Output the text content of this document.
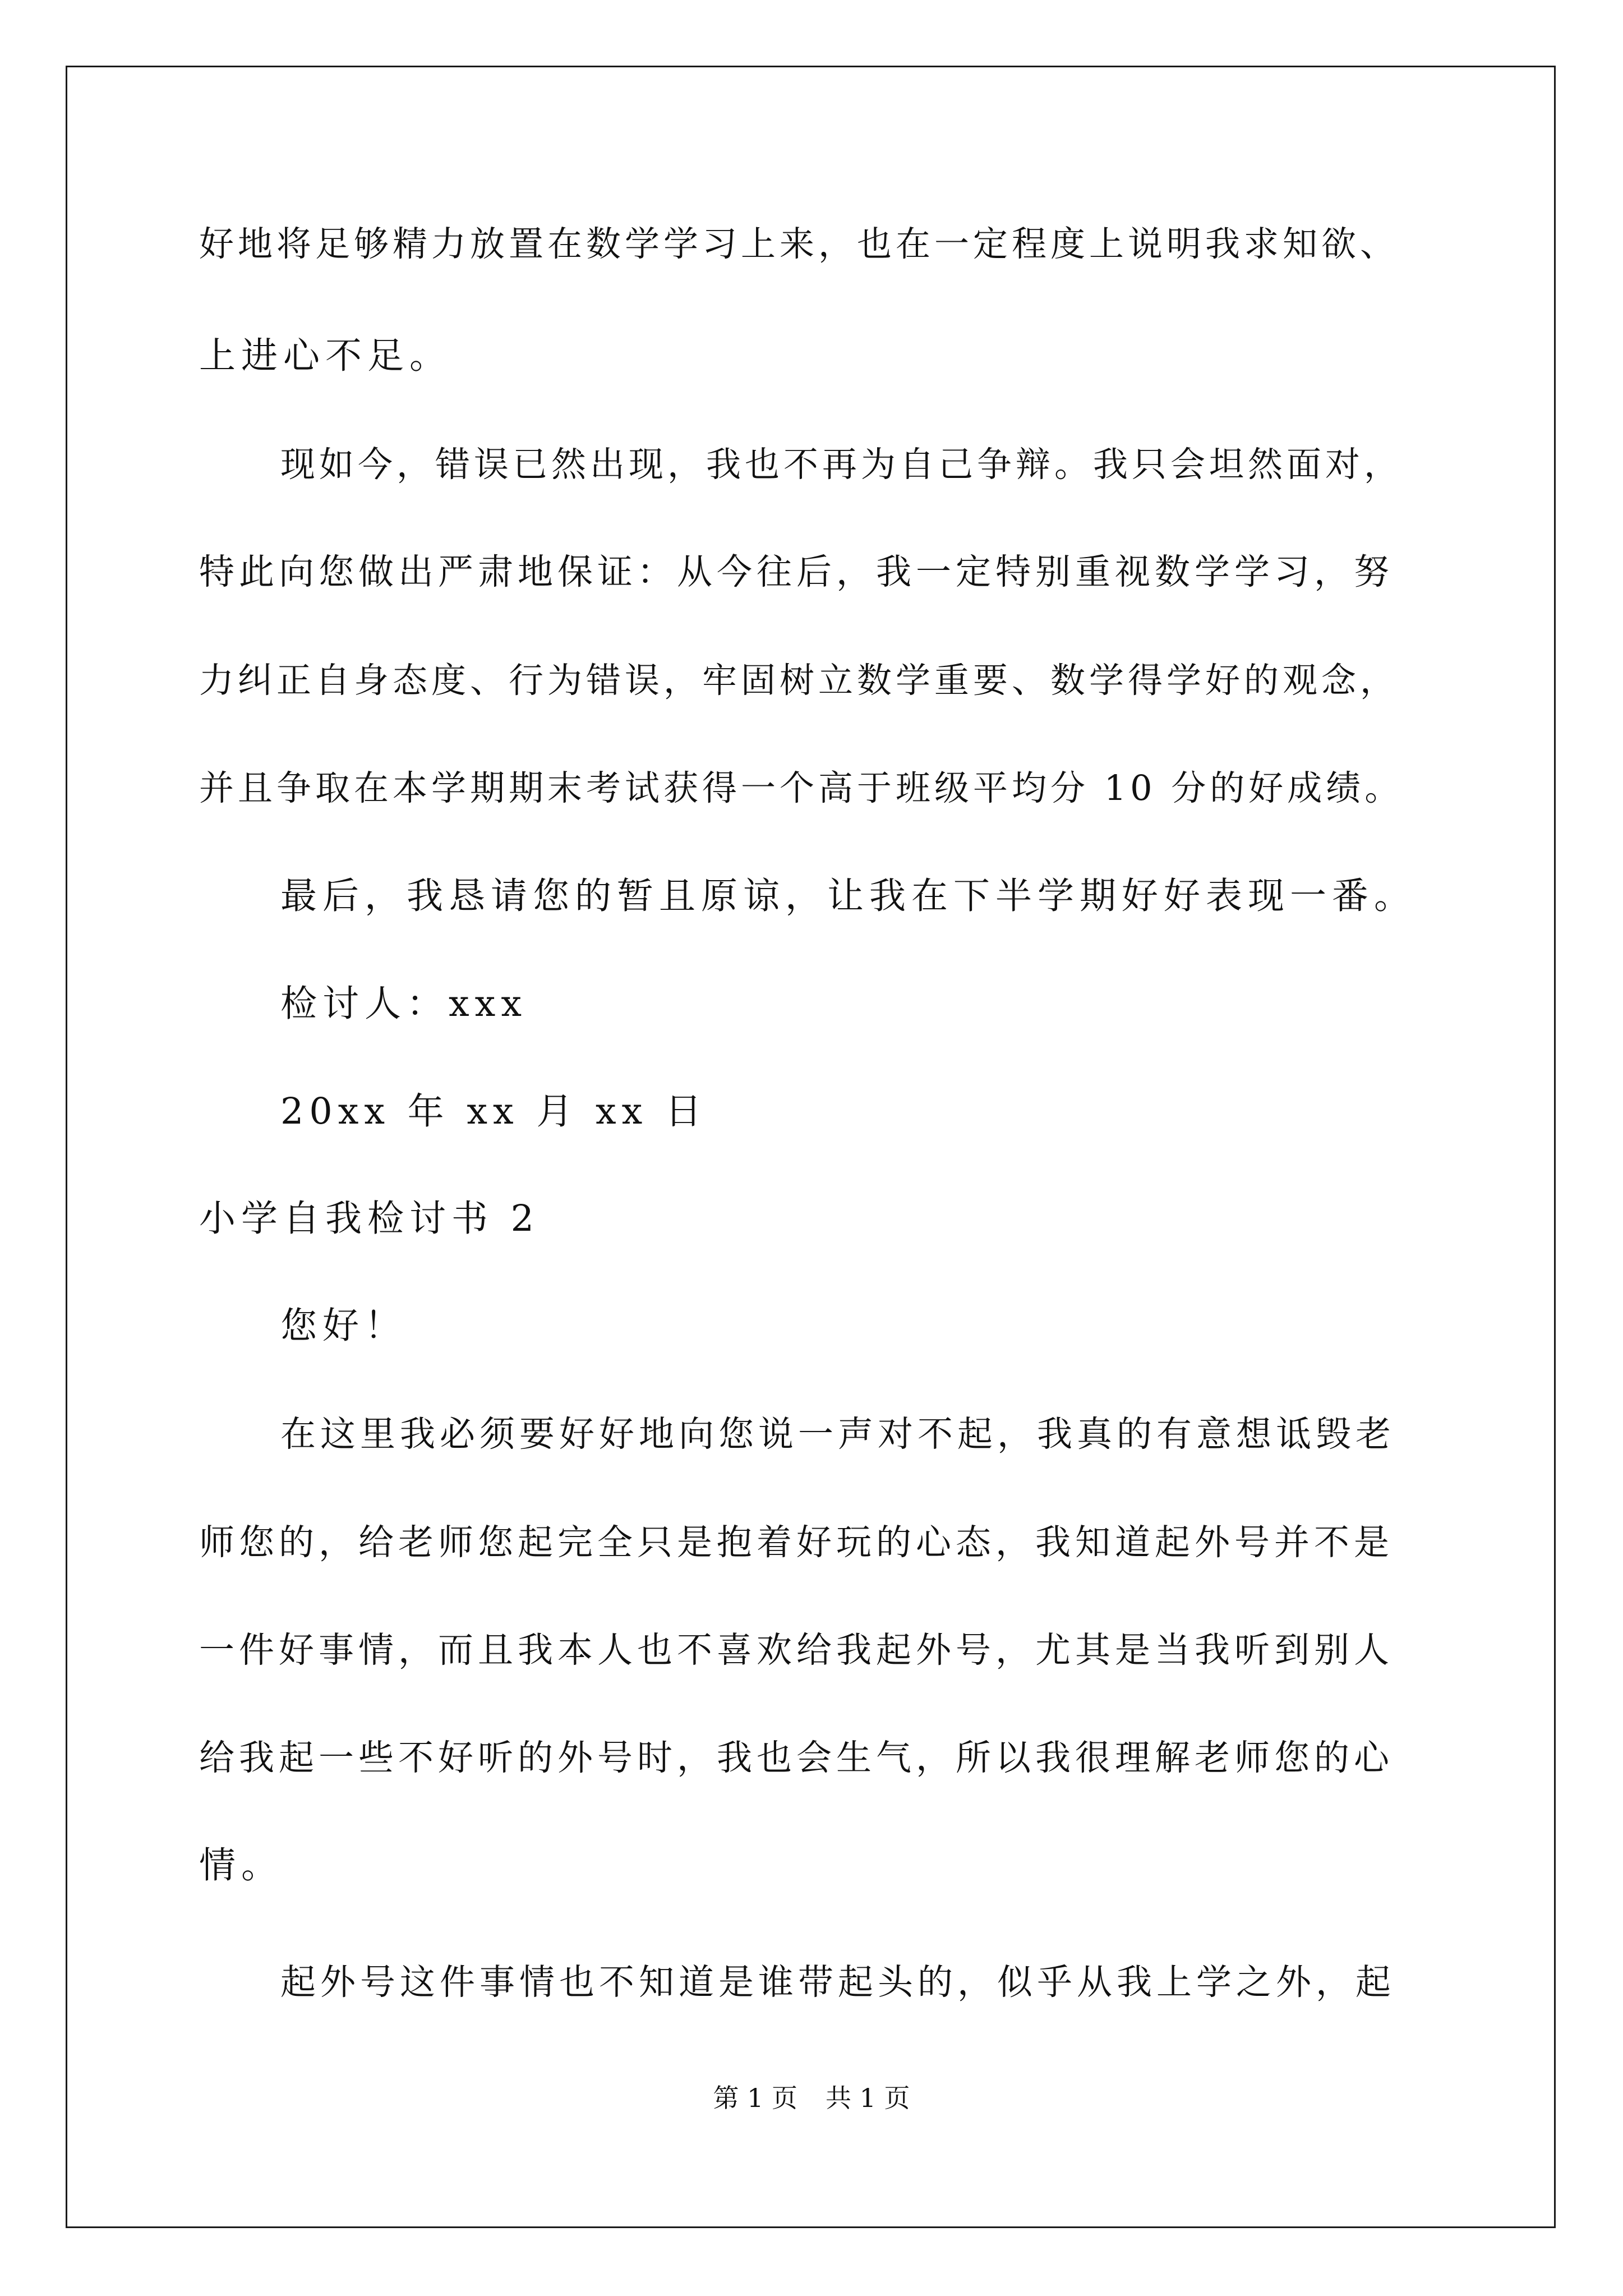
好地将足够精力放置在数学学习上来，也在一定程度上说明我求知欲、
上进心不足。
现如今，错误已然出现，我也不再为自己争辩。我只会坦然面对，
特此向您做出严肃地保证：从今往后，我一定特别重视数学学习，努
力纠正自身态度、行为错误，牢固树立数学重要、数学得学好的观念，
并且争取在本学期期末考试获得一个高于班级平均分 10 分的好成绩。
最后，我恳请您的暂且原谅，让我在下半学期好好表现一番。
检讨人：xxx
20xx 年 xx 月 xx 日
小学自我检讨书 2
您好！
在这里我必须要好好地向您说一声对不起，我真的有意想诋毁老
师您的，给老师您起完全只是抱着好玩的心态，我知道起外号并不是
一件好事情，而且我本人也不喜欢给我起外号，尤其是当我听到别人
给我起一些不好听的外号时，我也会生气，所以我很理解老师您的心
情。
起外号这件事情也不知道是谁带起头的，似乎从我上学之外，起
第 1 页 共 1 页
